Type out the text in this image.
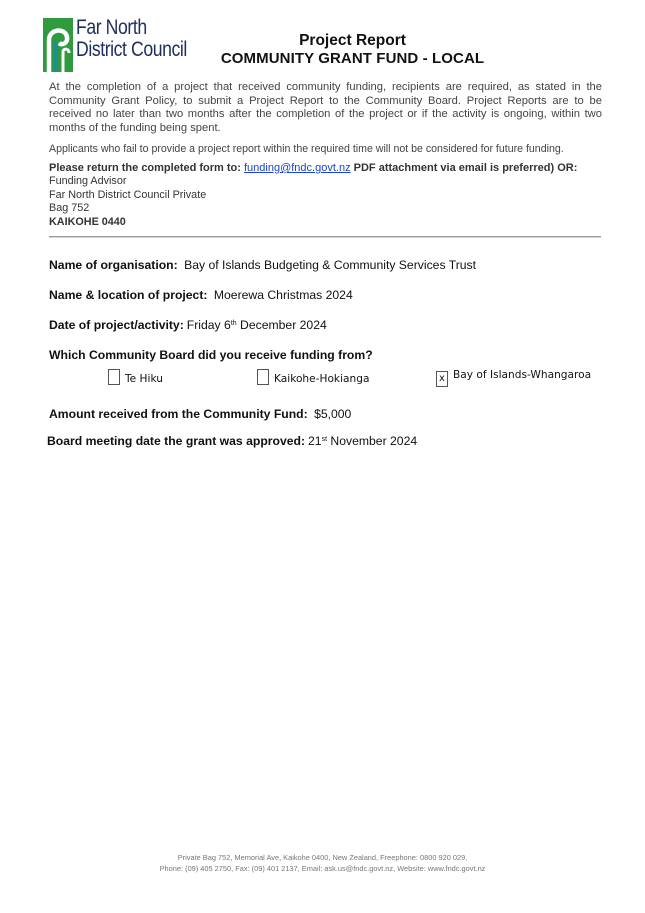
Far North
District Council	Project Report
COMMUNITY GRANT FUND - LOCAL
At the completion of a project that received community funding, recipients are required, as stated in the Community Grant Policy, to submit a Project Report to the Community Board. Project Reports are to be received no later than two months after the completion of the project or if the activity is ongoing, within two months of the funding being spent.
Applicants who fail to provide a project report within the required time will not be considered for future funding.
Please return the completed form to: funding@fndc.govt.nz PDF attachment via email is preferred) OR:
Funding Advisor
Far North District Council Private
Bag 752
KAIKOHE 0440
Name of organisation: Bay of Islands Budgeting & Community Services Trust
Name & location of project: Moerewa Christmas 2024
Date of project/activity: Friday 6th December 2024
Which Community Board did you receive funding from?
Te Hiku	Kaikohe-Hokianga	x Bay of Islands-Whangaroa
Amount received from the Community Fund: $5,000
Board meeting date the grant was approved: 21st November 2024
Private Bag 752, Memorial Ave, Kaikohe 0400, New Zealand, Freephone: 0800 920 029,
Phone: (09) 405 2750, Fax: (09) 401 2137, Email: ask.us@fndc.govt.nz, Website: www.fndc.govt.nz
